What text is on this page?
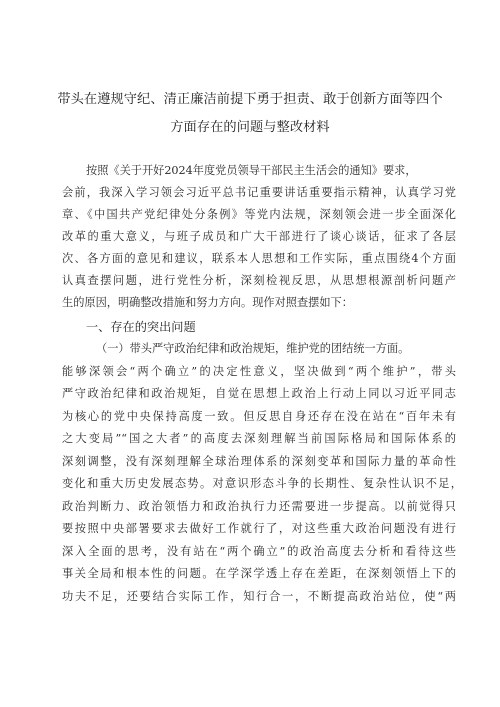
带头在遵规守纪、清正廉洁前提下勇于担责、敢于创新方面等四个
方面存在的问题与整改材料
按照《关于开好2024年度党员领导干部民主生活会的通知》要求，
会前，我深入学习领会习近平总书记重要讲话重要指示精神，认真学习党
章、《中国共产党纪律处分条例》等党内法规，深刻领会进一步全面深化
改革的重大意义，与班子成员和广大干部进行了谈心谈话，征求了各层
次、各方面的意见和建议，联系本人思想和工作实际，重点围绕4个方面
认真查摆问题，进行党性分析，深刻检视反思，从思想根源剖析问题产
生的原因，明确整改措施和努力方向。现作对照查摆如下：
一、存在的突出问题
（一）带头严守政治纪律和政治规矩，维护党的团结统一方面。
能够深领会“两个确立”的决定性意义，坚决做到“两个维护”，带头
严守政治纪律和政治规矩，自觉在思想上政治上行动上同以习近平同志
为核心的党中央保持高度一致。但反思自身还存在没在站在“百年未有
之大变局”“国之大者”的高度去深刻理解当前国际格局和国际体系的
深刻调整，没有深刻理解全球治理体系的深刻变革和国际力量的革命性
变化和重大历史发展态势。对意识形态斗争的长期性、复杂性认识不足，
政治判断力、政治领悟力和政治执行力还需要进一步提高。以前觉得只
要按照中央部署要求去做好工作就行了，对这些重大政治问题没有进行
深入全面的思考，没有站在“两个确立”的政治高度去分析和看待这些
事关全局和根本性的问题。在学深学透上存在差距，在深刻领悟上下的
功夫不足，还要结合实际工作，知行合一，不断提高政治站位，使“两
